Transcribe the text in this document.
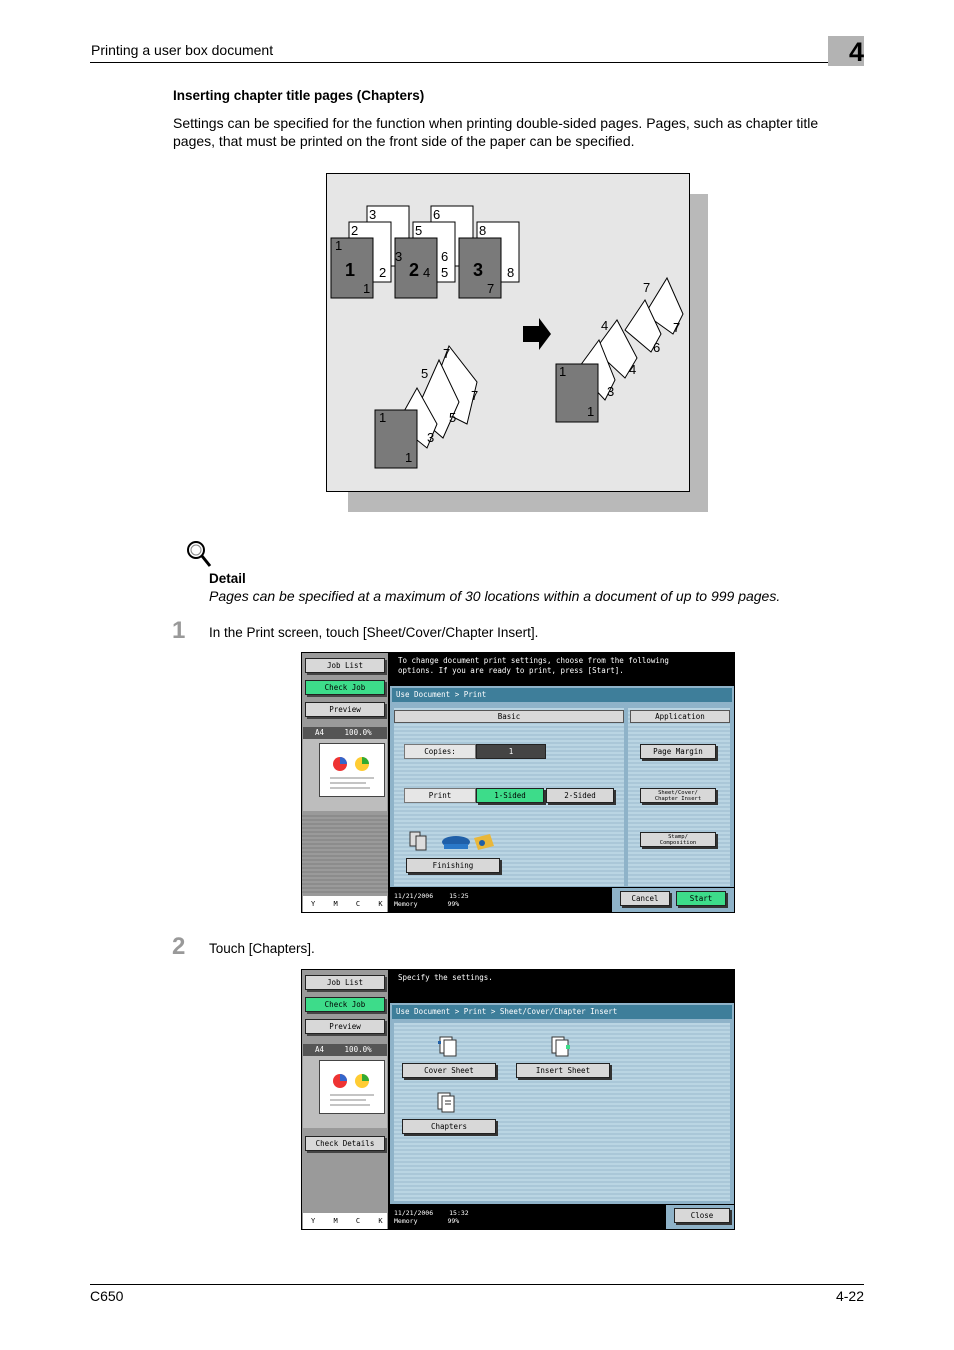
Printing a user box document	4
Inserting chapter title pages (Chapters)
Settings can be specified for the function when printing double-sided pages. Pages, such as chapter title pages, that must be printed on the front side of the paper can be specified.
3
2
1
2
1
6
5
3	6
4 5
8
8
7
1
1
3
5
7
5
7
1
1
3
4
6
7
4
7
1	2	3
Detail
Pages can be specified at a maximum of 30 locations within a document of up to 999 pages.
1 In the Print screen, touch [Sheet/Cover/Chapter Insert].
Job List
Check Job
Preview
A4	100.0%
Y	M	C	K
To change document print settings, choose from the following
options. If you are ready to print, press [Start].
Use Document > Print
Basic	Application
Copies:	1
Print	1-Sided	2-Sided
Finishing
Page Margin
Sheet/Cover/
Chapter Insert
Stamp/
Composition
11/21/2006 15:25
Memory	99%
Cancel	Start
2 Touch [Chapters].
Job List
Check Job
Preview
A4	100.0%
Check Details
Y	M	C	K
Specify the settings.
Use Document > Print > Sheet/Cover/Chapter Insert
Cover Sheet	Insert Sheet
Chapters
11/21/2006 15:32
Memory	99%
Close
C650	4-22
